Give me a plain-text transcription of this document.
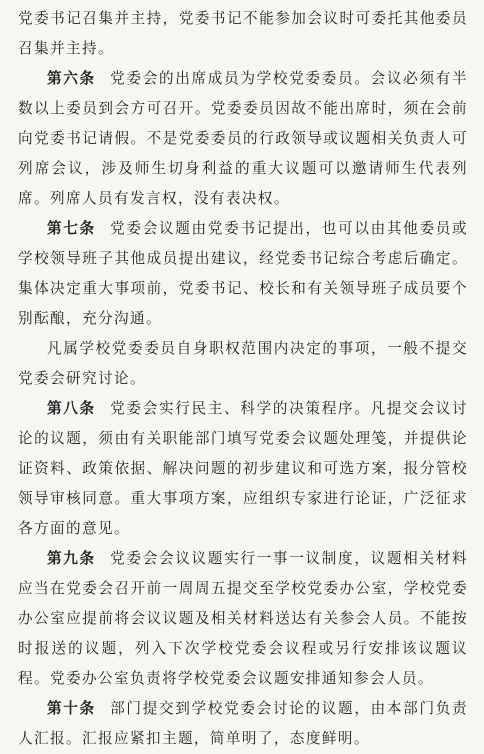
党委书记召集并主持，党委书记不能参加会议时可委托其他委员召集并主持。

第六条 党委会的出席成员为学校党委委员。会议必须有半数以上委员到会方可召开。党委委员因故不能出席时，须在会前向党委书记请假。不是党委委员的行政领导或议题相关负责人可列席会议，涉及师生切身利益的重大议题可以邀请师生代表列席。列席人员有发言权，没有表决权。

第七条 党委会议题由党委书记提出，也可以由其他委员或学校领导班子其他成员提出建议，经党委书记综合考虑后确定。集体决定重大事项前，党委书记、校长和有关领导班子成员要个别酝酿，充分沟通。

凡属学校党委委员自身职权范围内决定的事项，一般不提交党委会研究讨论。

第八条 党委会实行民主、科学的决策程序。凡提交会议讨论的议题，须由有关职能部门填写党委会议题处理笺，并提供论证资料、政策依据、解决问题的初步建议和可选方案，报分管校领导审核同意。重大事项方案，应组织专家进行论证，广泛征求各方面的意见。

第九条 党委会会议议题实行一事一议制度，议题相关材料应当在党委会召开前一周周五提交至学校党委办公室，学校党委办公室应提前将会议议题及相关材料送达有关参会人员。不能按时报送的议题，列入下次学校党委会议程或另行安排该议题议程。党委办公室负责将学校党委会议题安排通知参会人员。

第十条 部门提交到学校党委会讨论的议题，由本部门负责人汇报。汇报应紧扣主题，简单明了，态度鲜明。
